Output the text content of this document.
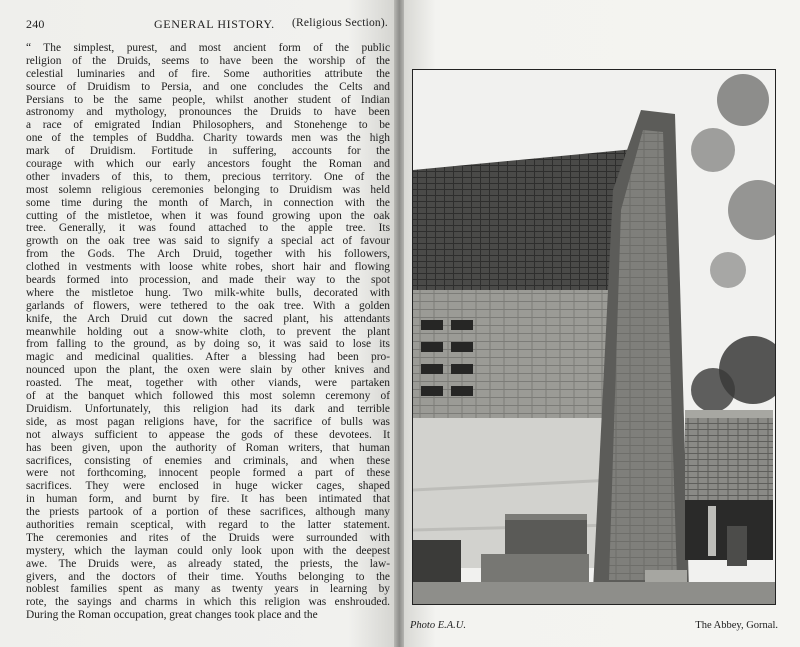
240	GENERAL HISTORY. (Religious Section).
“ The simplest, purest, and most ancient form of the public
religion of the Druids, seems to have been the worship of the
celestial luminaries and of fire. Some authorities attribute the
source of Druidism to Persia, and one concludes the Celts and
Persians to be the same people, whilst another student of Indian
astronomy and mythology, pronounces the Druids to have been
a race of emigrated Indian Philosophers, and Stonehenge to be
one of the temples of Buddha. Charity towards men was the high
mark of Druidism. Fortitude in suffering, accounts for the
courage with which our early ancestors fought the Roman and
other invaders of this, to them, precious territory. One of the
most solemn religious ceremonies belonging to Druidism was held
some time during the month of March, in connection with the
cutting of the mistletoe, when it was found growing upon the oak
tree. Generally, it was found attached to the apple tree. Its
growth on the oak tree was said to signify a special act of favour
from the Gods. The Arch Druid, together with his followers,
clothed in vestments with loose white robes, short hair and flowing
beards formed into procession, and made their way to the spot
where the mistletoe hung. Two milk-white bulls, decorated with
garlands of flowers, were tethered to the oak tree. With a golden
knife, the Arch Druid cut down the sacred plant, his attendants
meanwhile holding out a snow-white cloth, to prevent the plant
from falling to the ground, as by doing so, it was said to lose its
magic and medicinal qualities. After a blessing had been pro-
nounced upon the plant, the oxen were slain by other knives and
roasted. The meat, together with other viands, were partaken
of at the banquet which followed this most solemn ceremony of
Druidism. Unfortunately, this religion had its dark and terrible
side, as most pagan religions have, for the sacrifice of bulls was
not always sufficient to appease the gods of these devotees. It
has been given, upon the authority of Roman writers, that human
sacrifices, consisting of enemies and criminals, and when these
were not forthcoming, innocent people formed a part of these
sacrifices. They were enclosed in huge wicker cages, shaped
in human form, and burnt by fire. It has been intimated that
the priests partook of a portion of these sacrifices, although many
authorities remain sceptical, with regard to the latter statement.
The ceremonies and rites of the Druids were surrounded with
mystery, which the layman could only look upon with the deepest
awe. The Druids were, as already stated, the priests, the law-
givers, and the doctors of their time. Youths belonging to the
noblest families spent as many as twenty years in learning by
rote, the sayings and charms in which this religion was enshrouded.
During the Roman occupation, great changes took place and the
Photo E.A.U.	The Abbey, Gornal.
